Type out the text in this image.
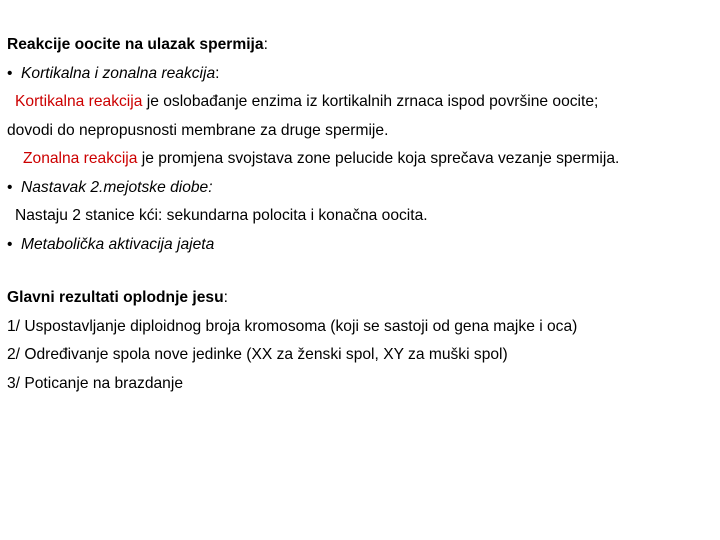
Reakcije oocite na ulazak spermija:
• Kortikalna i zonalna reakcija:
Kortikalna reakcija je oslobađanje enzima iz kortikalnih zrnaca ispod površine oocite;
dovodi do nepropusnosti membrane za druge spermije.
Zonalna reakcija je promjena svojstava zone pelucide koja sprečava vezanje spermija.
• Nastavak 2.mejotske diobe:
Nastaju 2 stanice kći: sekundarna polocita i konačna oocita.
• Metabolička aktivacija jajeta
Glavni rezultati oplodnje jesu:
1/ Uspostavljanje diploidnog broja kromosoma (koji se sastoji od gena majke i oca)
2/ Određivanje spola nove jedinke (XX za ženski spol, XY za muški spol)
3/ Poticanje na brazdanje
